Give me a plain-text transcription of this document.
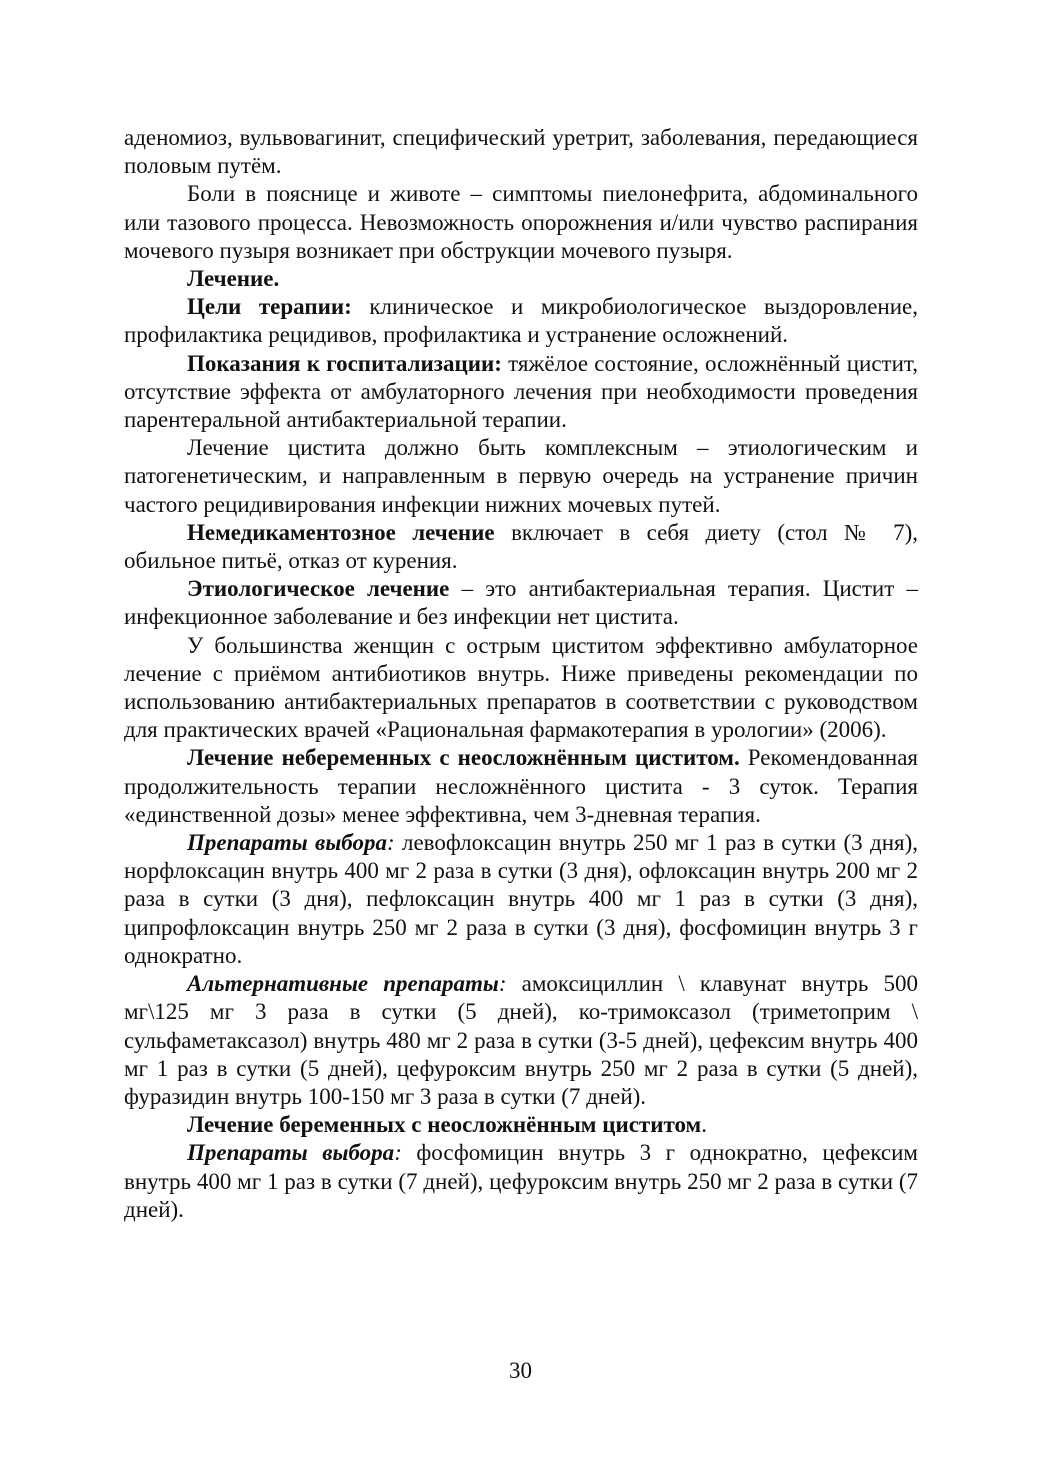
аденомиоз, вульвовагинит, специфический уретрит, заболевания, передающиеся половым путём.

Боли в пояснице и животе – симптомы пиелонефрита, абдоминального или тазового процесса. Невозможность опорожнения и/или чувство распирания мочевого пузыря возникает при обструкции мочевого пузыря.

Лечение.

Цели терапии: клиническое и микробиологическое выздоровление, профилактика рецидивов, профилактика и устранение осложнений.

Показания к госпитализации: тяжёлое состояние, осложнённый цистит, отсутствие эффекта от амбулаторного лечения при необходимости проведения парентеральной антибактериальной терапии.

Лечение цистита должно быть комплексным – этиологическим и патогенетическим, и направленным в первую очередь на устранение причин частого рецидивирования инфекции нижних мочевых путей.

Немедикаментозное лечение включает в себя диету (стол № 7), обильное питьё, отказ от курения.

Этиологическое лечение – это антибактериальная терапия. Цистит – инфекционное заболевание и без инфекции нет цистита.

У большинства женщин с острым циститом эффективно амбулаторное лечение с приёмом антибиотиков внутрь. Ниже приведены рекомендации по использованию антибактериальных препаратов в соответствии с руководством для практических врачей «Рациональная фармакотерапия в урологии» (2006).

Лечение небеременных с неосложнённым циститом. Рекомендованная продолжительность терапии несложнённого цистита - 3 суток. Терапия «единственной дозы» менее эффективна, чем 3-дневная терапия.

Препараты выбора: левофлоксацин внутрь 250 мг 1 раз в сутки (3 дня), норфлоксацин внутрь 400 мг 2 раза в сутки (3 дня), офлоксацин внутрь 200 мг 2 раза в сутки (3 дня), пефлоксацин внутрь 400 мг 1 раз в сутки (3 дня), ципрофлоксацин внутрь 250 мг 2 раза в сутки (3 дня), фосфомицин внутрь 3 г однократно.

Альтернативные препараты: амоксициллин \ клавунат внутрь 500 мг\125 мг 3 раза в сутки (5 дней), ко-тримоксазол (триметоприм \ сульфаметаксазол) внутрь 480 мг 2 раза в сутки (3-5 дней), цефексим внутрь 400 мг 1 раз в сутки (5 дней), цефуроксим внутрь 250 мг 2 раза в сутки (5 дней), фуразидин внутрь 100-150 мг 3 раза в сутки (7 дней).

Лечение беременных с неосложнённым циститом.

Препараты выбора: фосфомицин внутрь 3 г однократно, цефексим внутрь 400 мг 1 раз в сутки (7 дней), цефуроксим внутрь 250 мг 2 раза в сутки (7 дней).

30
